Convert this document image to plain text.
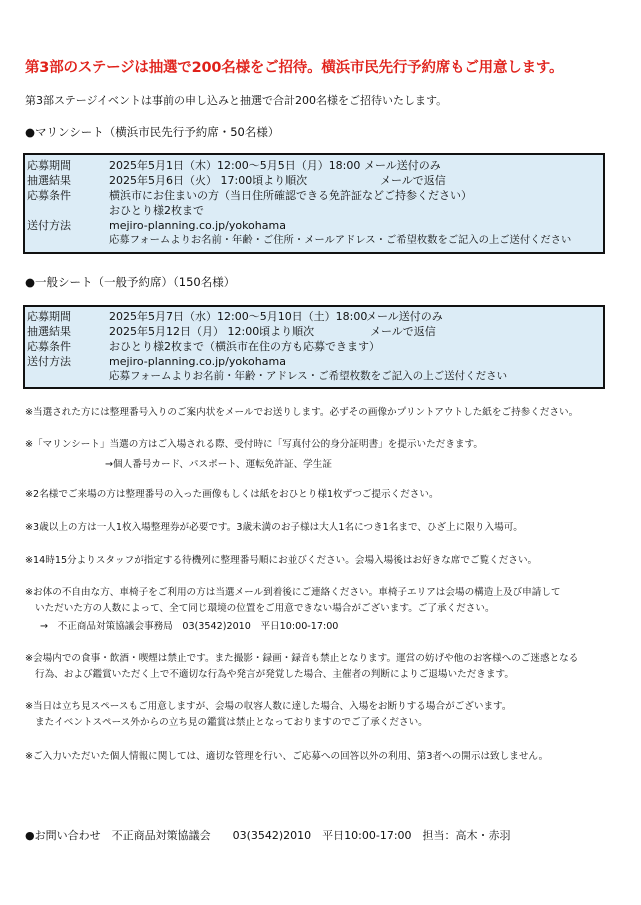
第3部のステージは抽選で200名様をご招待。横浜市民先行予約席もご用意します。
第3部ステージイベントは事前の申し込みと抽選で合計200名様をご招待いたします。
●マリンシート（横浜市民先行予約席・50名様）
応募期間	2025年5月1日（木）12:00～5月5日（月）18:00 メール送付のみ
抽選結果	2025年5月6日（火） 17:00頃より順次	メールで返信
応募条件	横浜市にお住まいの方（当日住所確認できる免許証などご持参ください）
おひとり様2枚まで
送付方法	mejiro-planning.co.jp/yokohama
応募フォームよりお名前・年齢・ご住所・メールアドレス・ご希望枚数をご記入の上ご送付ください
●一般シート（一般予約席）（150名様）
応募期間	2025年5月7日（水）12:00～5月10日（土）18:00
メール送付のみ
抽選結果	2025年5月12日（月） 12:00頃より順次	メールで返信
応募条件	おひとり様2枚まで（横浜市在住の方も応募できます）
送付方法	mejiro-planning.co.jp/yokohama
応募フォームよりお名前・年齢・アドレス・ご希望枚数をご記入の上ご送付ください
※当選された方には整理番号入りのご案内状をメールでお送りします。必ずその画像かプリントアウトした紙をご持参ください。
※「マリンシート」当選の方はご入場される際、受付時に「写真付公的身分証明書」を提示いただきます。
→個人番号カード、パスポート、運転免許証、学生証
※2名様でご来場の方は整理番号の入った画像もしくは紙をおひとり様1枚ずつご提示ください。
※3歳以上の方は一人1枚入場整理券が必要です。3歳未満のお子様は大人1名につき1名まで、ひざ上に限り入場可。
※14時15分よりスタッフが指定する待機列に整理番号順にお並びください。会場入場後はお好きな席でご覧ください。
※お体の不自由な方、車椅子をご利用の方は当選メール到着後にご連絡ください。車椅子エリアは会場の構造上及び申請して
いただいた方の人数によって、全て同じ環境の位置をご用意できない場合がございます。ご了承ください。
→　不正商品対策協議会事務局　03(3542)2010　平日10:00-17:00
※会場内での食事・飲酒・喫煙は禁止です。また撮影・録画・録音も禁止となります。運営の妨げや他のお客様へのご迷惑となる
行為、および鑑賞いただく上で不適切な行為や発言が発覚した場合、主催者の判断によりご退場いただきます。
※当日は立ち見スペースもご用意しますが、会場の収容人数に達した場合、入場をお断りする場合がございます。
またイベントスペース外からの立ち見の鑑賞は禁止となっておりますのでご了承ください。
※ご入力いただいた個人情報に関しては、適切な管理を行い、ご応募への回答以外の利用、第3者への開示は致しません。
●お問い合わせ　不正商品対策協議会　　03(3542)2010　平日10:00-17:00　担当：高木・赤羽
